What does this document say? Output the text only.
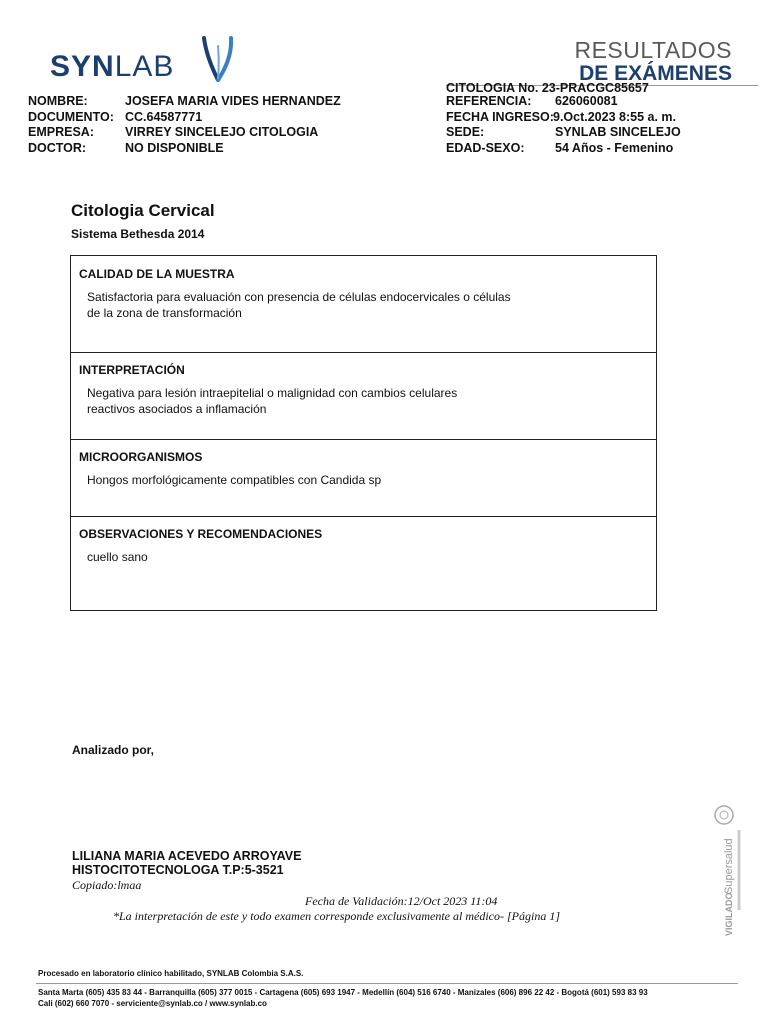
SYNLAB	RESULTADOS
DE EXÁMENES
NOMBRE:	JOSEFA MARIA VIDES HERNANDEZ
DOCUMENTO: CC.64587771
EMPRESA: VIRREY SINCELEJO CITOLOGIA
DOCTOR:	NO DISPONIBLE
CITOLOGIA No. 23-PRACGC85657
REFERENCIA: 626060081
FECHA INGRESO:9.Oct.2023 8:55 a. m.
SEDE:	SYNLAB SINCELEJO
EDAD-SEXO: 54 Años - Femenino
Citologia Cervical
Sistema Bethesda 2014
CALIDAD DE LA MUESTRA
Satisfactoria para evaluación con presencia de células endocervicales o células
de la zona de transformación
INTERPRETACIÓN
Negativa para lesión intraepitelial o malignidad con cambios celulares
reactivos asociados a inflamación
MICROORGANISMOS
Hongos morfológicamente compatibles con Candida sp
OBSERVACIONES Y RECOMENDACIONES
cuello sano
Analizado por,
LILIANA MARIA ACEVEDO ARROYAVE
HISTOCITOTECNOLOGA T.P:5-3521
Copiado:lmaa
Fecha de Validación:12/Oct 2023 11:04
*La interpretación de este y todo examen corresponde exclusivamente al médico- [Página 1]	VIGILADO
Supersalud
Procesado en laboratorio clínico habilitado, SYNLAB Colombia S.A.S.
Santa Marta (605) 435 83 44 - Barranquilla (605) 377 0015 - Cartagena (605) 693 1947 - Medellín (604) 516 6740 - Manizales (606) 896 22 42 - Bogotá (601) 593 83 93
Cali (602) 660 7070 - serviciente@synlab.co / www.synlab.co
